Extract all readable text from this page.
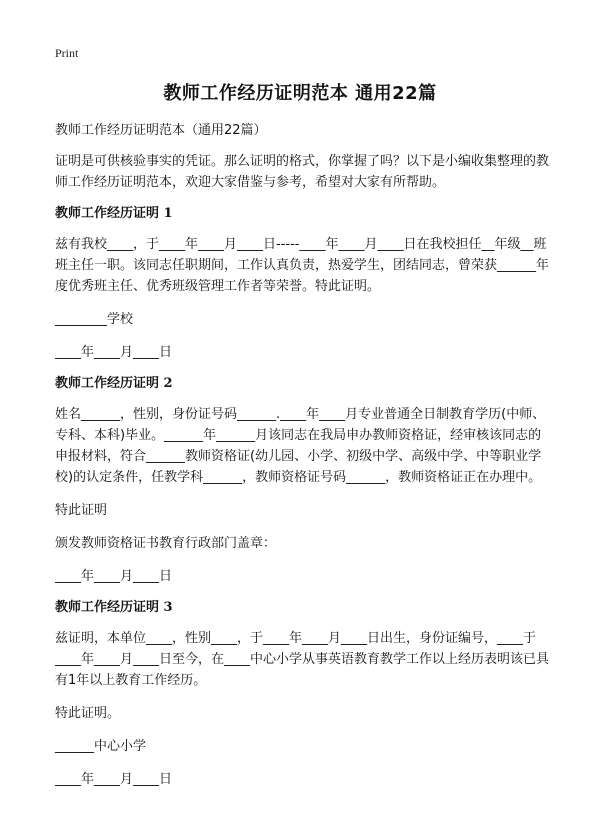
Print
教师工作经历证明范本 通用22篇

教师工作经历证明范本（通用22篇）

证明是可供核验事实的凭证。那么证明的格式，你掌握了吗？以下是小编收集整理的教师工作经历证明范本，欢迎大家借鉴与参考，希望对大家有所帮助。

教师工作经历证明 1

兹有我校____，于____年____月____日-----____年____月____日在我校担任__年级__班班主任一职。该同志任职期间，工作认真负责，热爱学生，团结同志，曾荣获______年度优秀班主任、优秀班级管理工作者等荣誉。特此证明。

________学校

____年____月____日

教师工作经历证明 2

姓名______，性别，身份证号码______.____年____月专业普通全日制教育学历(中师、专科、本科)毕业。______年______月该同志在我局申办教师资格证，经审核该同志的申报材料，符合______教师资格证(幼儿园、小学、初级中学、高级中学、中等职业学校)的认定条件，任教学科______，教师资格证号码______，教师资格证正在办理中。

特此证明

颁发教师资格证书教育行政部门盖章：

____年____月____日

教师工作经历证明 3

兹证明，本单位____，性别____，于____年____月____日出生，身份证编号，____于____年____月____日至今，在____中心小学从事英语教育教学工作以上经历表明该已具有1年以上教育工作经历。

特此证明。

______中心小学

____年____月____日
